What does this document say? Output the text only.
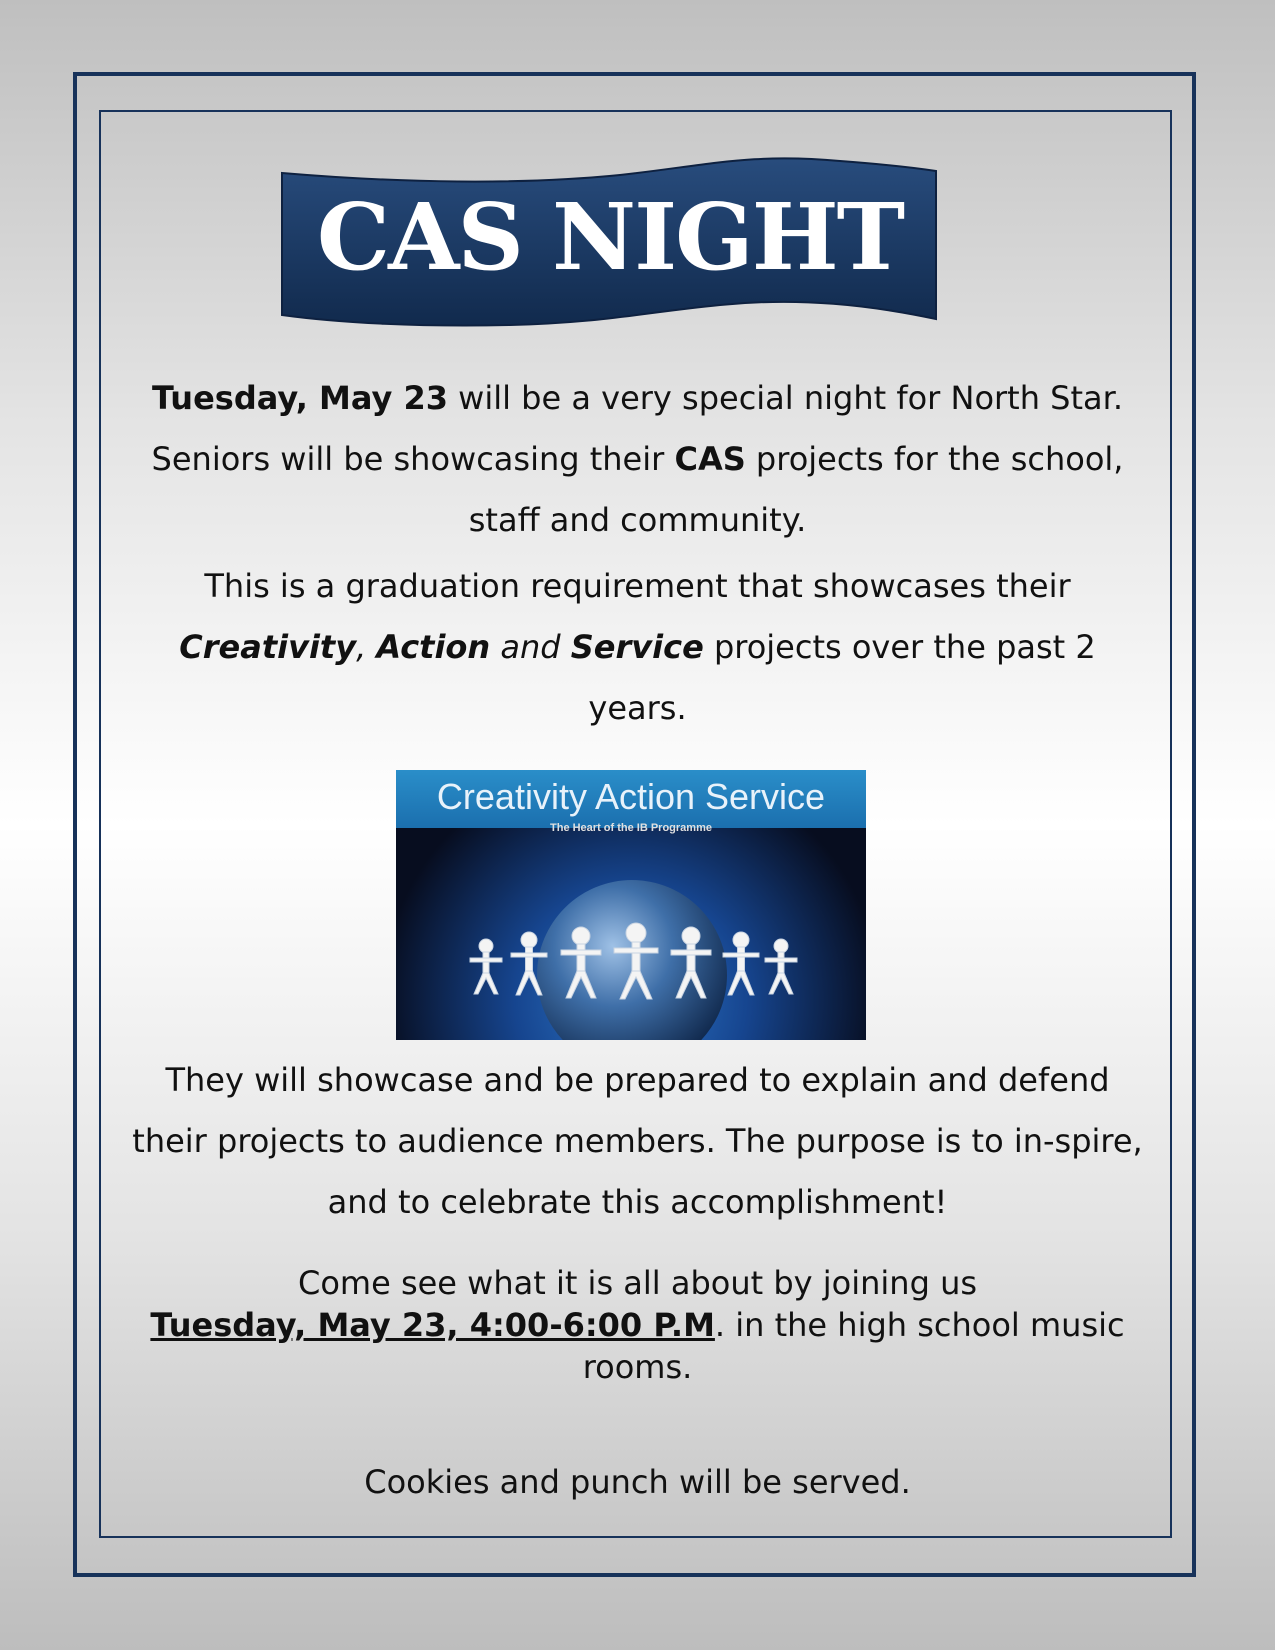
CAS NIGHT

Tuesday, May 23 will be a very special night for North Star. Seniors will be showcasing their CAS projects for the school, staff and community.

This is a graduation requirement that showcases their Creativity, Action and Service projects over the past 2 years.

Creativity Action Service
The Heart of the IB Programme

They will showcase and be prepared to explain and defend their projects to audience members. The purpose is to in-spire, and to celebrate this accomplishment!

Come see what it is all about by joining us
Tuesday, May 23, 4:00-6:00 P.M. in the high school music rooms.

Cookies and punch will be served.
